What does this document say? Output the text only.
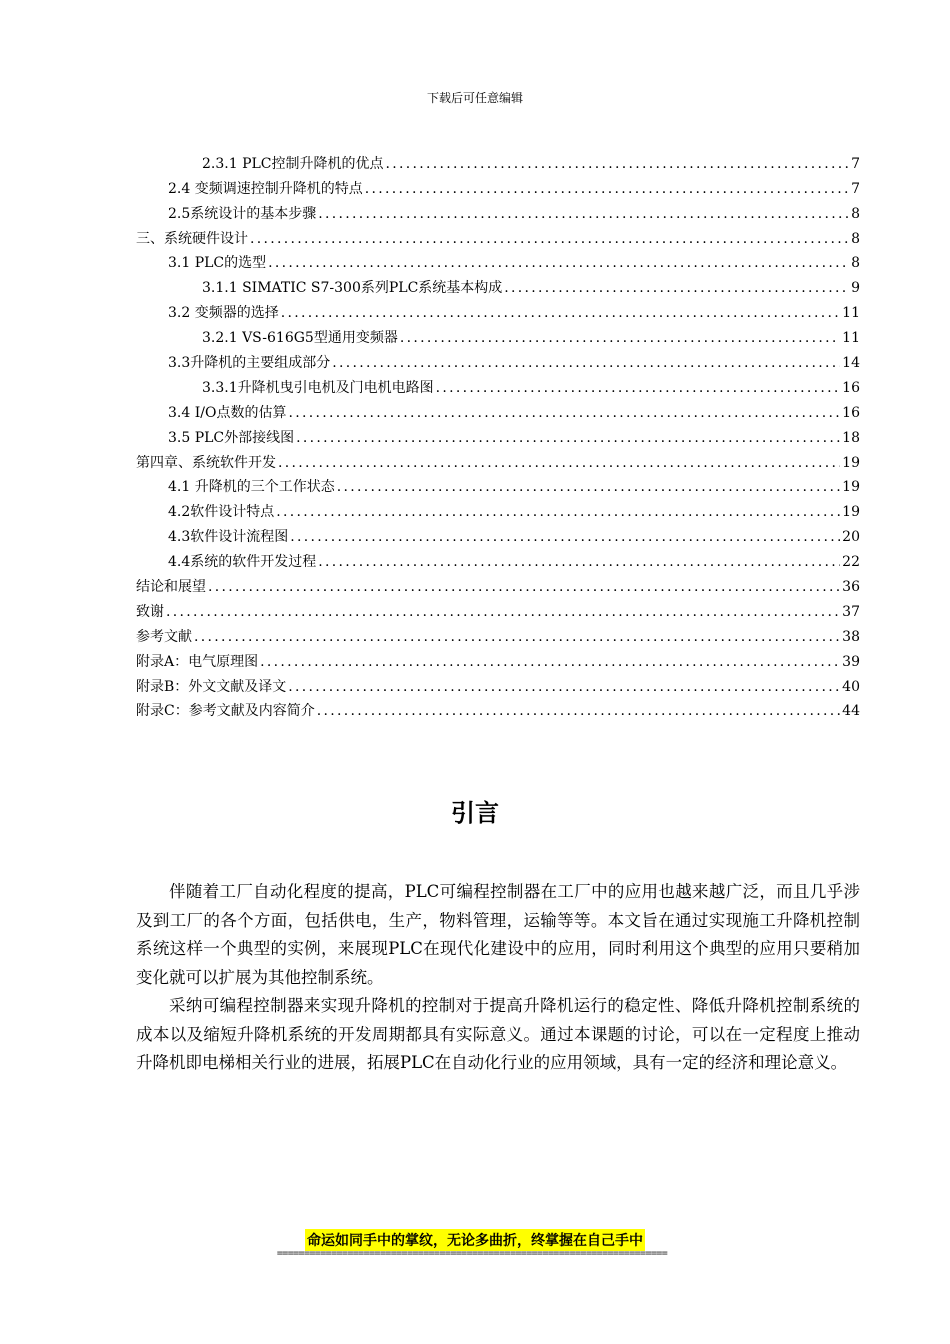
下载后可任意编辑
2.3.1 PLC控制升降机的优点 .....	7
2.4 变频调速控制升降机的特点 .....	7
2.5系统设计的基本步骤 .....	8
三、系统硬件设计 .....	8
3.1 PLC的选型 .....	8
3.1.1 SIMATIC S7-300系列PLC系统基本构成 .....	9
3.2 变频器的选择 .....	11
3.2.1 VS-616G5型通用变频器 .....	11
3.3升降机的主要组成部分 .....	14
3.3.1升降机曳引电机及门电机电路图 .....	16
3.4 I/O点数的估算 .....	16
3.5 PLC外部接线图 .....	18
第四章、系统软件开发 .....	19
4.1 升降机的三个工作状态 .....	19
4.2软件设计特点 .....	19
4.3软件设计流程图 .....	20
4.4系统的软件开发过程 .....	22
结论和展望 .....	36
致谢 .....	37
参考文献 .....	38
附录A：电气原理图 .....	39
附录B：外文文献及译文 .....	40
附录C：参考文献及内容简介 .....	44
引言

伴随着工厂自动化程度的提高，PLC可编程控制器在工厂中的应用也越来越广泛，而且几乎涉及到工厂的各个方面，包括供电，生产，物料管理，运输等等。本文旨在通过实现施工升降机控制系统这样一个典型的实例，来展现PLC在现代化建设中的应用，同时利用这个典型的应用只要稍加变化就可以扩展为其他控制系统。

采纳可编程控制器来实现升降机的控制对于提高升降机运行的稳定性、降低升降机控制系统的成本以及缩短升降机系统的开发周期都具有实际意义。通过本课题的讨论，可以在一定程度上推动升降机即电梯相关行业的进展，拓展PLC在自动化行业的应用领域，具有一定的经济和理论意义。

命运如同手中的掌纹，无论多曲折，终掌握在自己手中
========================================================================
